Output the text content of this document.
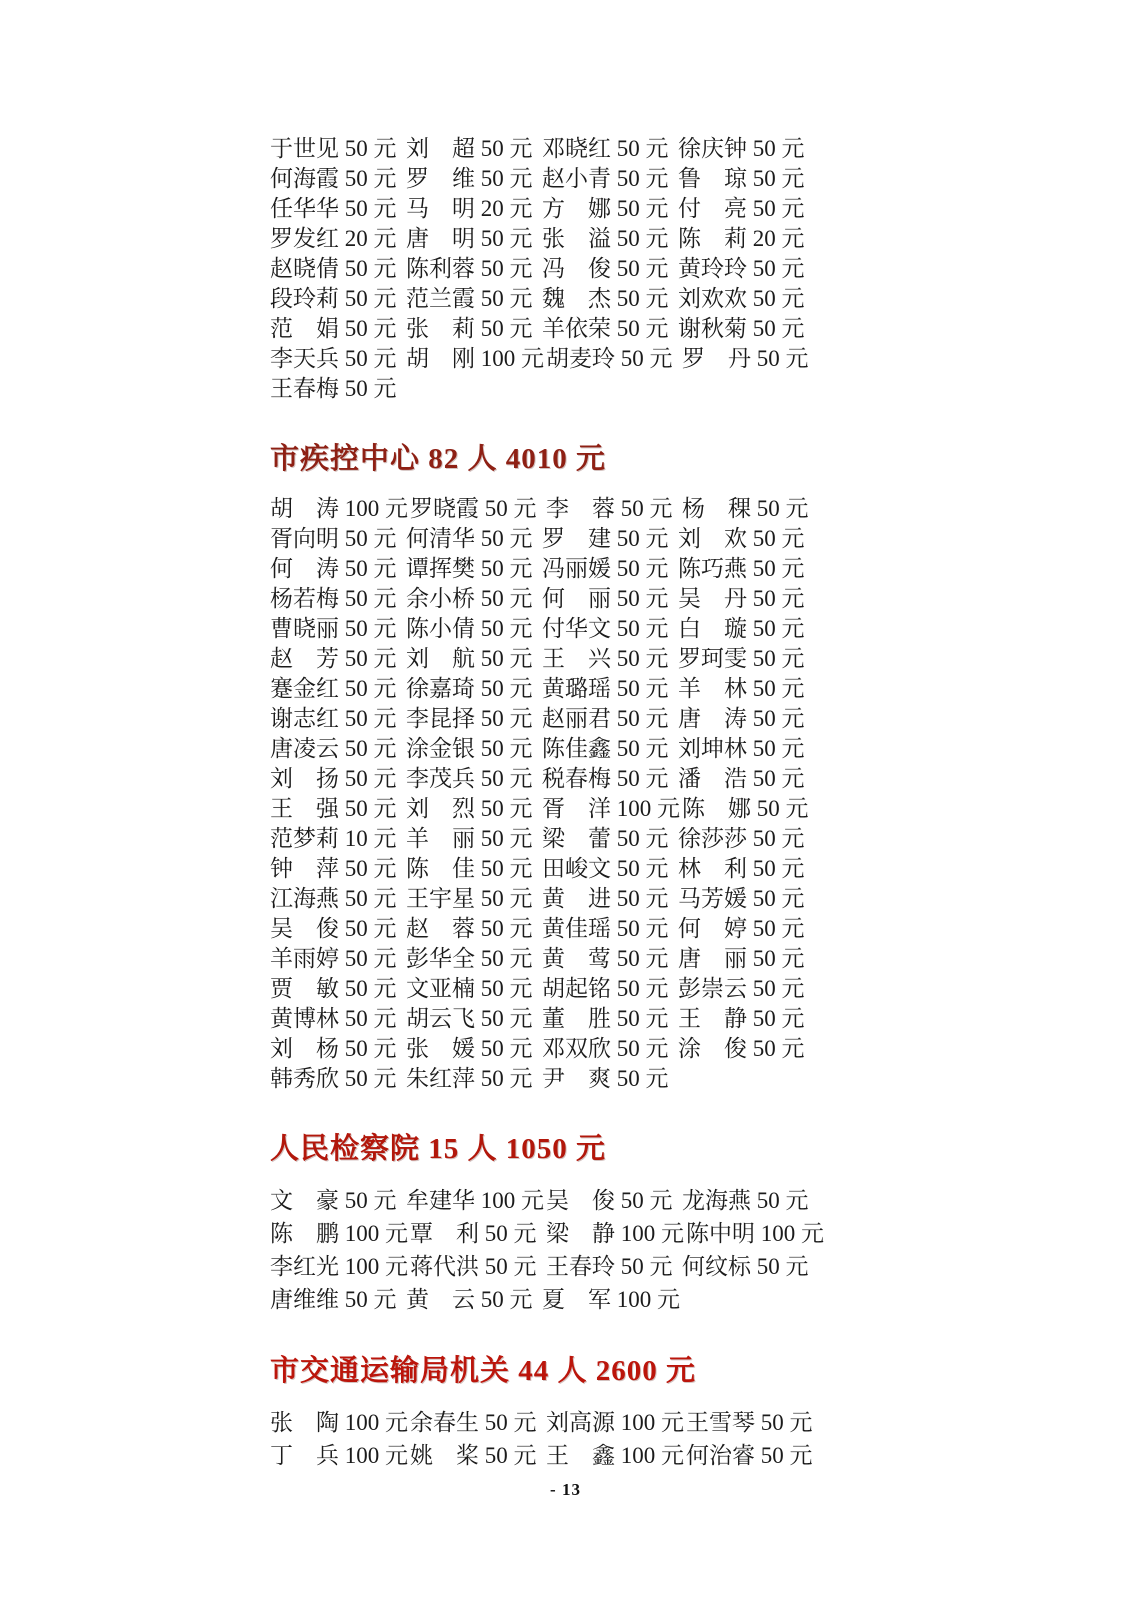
于世见 50 元 刘　超 50 元 邓晓红 50 元 徐庆钟 50 元
何海霞 50 元 罗　维 50 元 赵小青 50 元 鲁　琼 50 元
任华华 50 元 马　明 20 元 方　娜 50 元 付　亮 50 元
罗发红 20 元 唐　明 50 元 张　溢 50 元 陈　莉 20 元
赵晓倩 50 元 陈利蓉 50 元 冯　俊 50 元 黄玲玲 50 元
段玲莉 50 元 范兰霞 50 元 魏　杰 50 元 刘欢欢 50 元
范　娟 50 元 张　莉 50 元 羊依荣 50 元 谢秋菊 50 元
李天兵 50 元 胡　刚 100 元 胡麦玲 50 元 罗　丹 50 元
王春梅 50 元
市疾控中心 82 人 4010 元
胡　涛 100 元 罗晓霞 50 元 李　蓉 50 元 杨　稞 50 元
胥向明 50 元 何清华 50 元 罗　建 50 元 刘　欢 50 元
何　涛 50 元 谭挥樊 50 元 冯丽媛 50 元 陈巧燕 50 元
杨若梅 50 元 余小桥 50 元 何　丽 50 元 吴　丹 50 元
曹晓丽 50 元 陈小倩 50 元 付华文 50 元 白　璇 50 元
赵　芳 50 元 刘　航 50 元 王　兴 50 元 罗珂雯 50 元
蹇金红 50 元 徐嘉琦 50 元 黄璐瑶 50 元 羊　林 50 元
谢志红 50 元 李昆择 50 元 赵丽君 50 元 唐　涛 50 元
唐凌云 50 元 涂金银 50 元 陈佳鑫 50 元 刘坤林 50 元
刘　扬 50 元 李茂兵 50 元 税春梅 50 元 潘　浩 50 元
王　强 50 元 刘　烈 50 元 胥　洋 100 元 陈　娜 50 元
范梦莉 10 元 羊　丽 50 元 梁　蕾 50 元 徐莎莎 50 元
钟　萍 50 元 陈　佳 50 元 田峻文 50 元 林　利 50 元
江海燕 50 元 王宇星 50 元 黄　进 50 元 马芳媛 50 元
吴　俊 50 元 赵　蓉 50 元 黄佳瑶 50 元 何　婷 50 元
羊雨婷 50 元 彭华全 50 元 黄　莺 50 元 唐　丽 50 元
贾　敏 50 元 文亚楠 50 元 胡起铭 50 元 彭崇云 50 元
黄博林 50 元 胡云飞 50 元 董　胜 50 元 王　静 50 元
刘　杨 50 元 张　媛 50 元 邓双欣 50 元 涂　俊 50 元
韩秀欣 50 元 朱红萍 50 元 尹　爽 50 元
人民检察院 15 人 1050 元
文　豪 50 元 牟建华 100 元 吴　俊 50 元 龙海燕 50 元
陈　鹏 100 元 覃　利 50 元 梁　静 100 元 陈中明 100 元
李红光 100 元 蒋代洪 50 元 王春玲 50 元 何纹标 50 元
唐维维 50 元 黄　云 50 元 夏　军 100 元
市交通运输局机关 44 人 2600 元
张　陶 100 元 余春生 50 元 刘高源 100 元 王雪琴 50 元
丁　兵 100 元 姚　桨 50 元 王　鑫 100 元 何治睿 50 元
- 13
